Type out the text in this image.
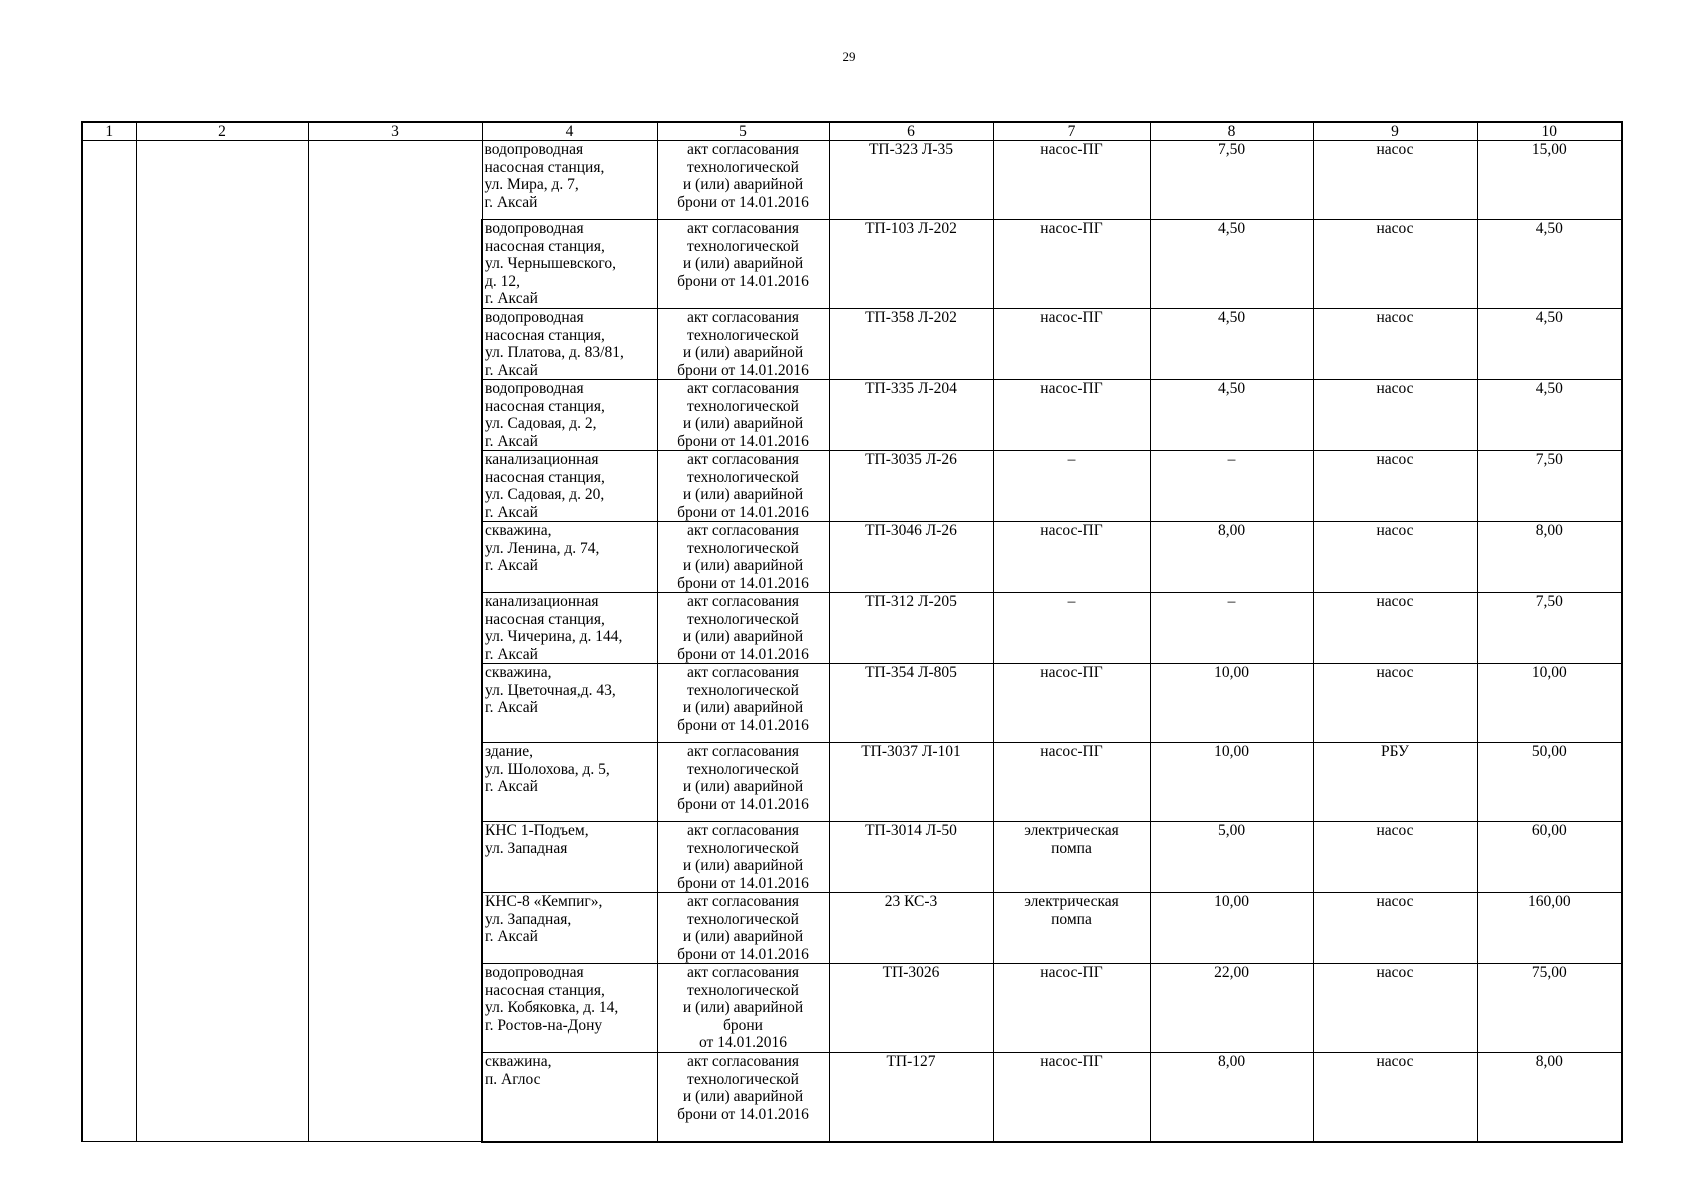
29
1	2	3	4	5	6	7	8	9	10
			водопроводная
насосная станция,
ул. Мира, д. 7,
г. Аксай	акт согласования
технологической
и (или) аварийной
брони от 14.01.2016	ТП-323 Л-35	насос-ПГ	7,50	насос	15,00
			водопроводная
насосная станция,
ул. Чернышевского,
д. 12,
г. Аксай	акт согласования
технологической
и (или) аварийной
брони от 14.01.2016	ТП-103 Л-202	насос-ПГ	4,50	насос	4,50
			водопроводная
насосная станция,
ул. Платова, д. 83/81,
г. Аксай	акт согласования
технологической
и (или) аварийной
брони от 14.01.2016	ТП-358 Л-202	насос-ПГ	4,50	насос	4,50
			водопроводная
насосная станция,
ул. Садовая, д. 2,
г. Аксай	акт согласования
технологической
и (или) аварийной
брони от 14.01.2016	ТП-335 Л-204	насос-ПГ	4,50	насос	4,50
			канализационная
насосная станция,
ул. Садовая, д. 20,
г. Аксай	акт согласования
технологической
и (или) аварийной
брони от 14.01.2016	ТП-3035 Л-26	–	–	насос	7,50
			скважина,
ул. Ленина, д. 74,
г. Аксай	акт согласования
технологической
и (или) аварийной
брони от 14.01.2016	ТП-3046 Л-26	насос-ПГ	8,00	насос	8,00
			канализационная
насосная станция,
ул. Чичерина, д. 144,
г. Аксай	акт согласования
технологической
и (или) аварийной
брони от 14.01.2016	ТП-312 Л-205	–	–	насос	7,50
			скважина,
ул. Цветочная,д. 43,
г. Аксай	акт согласования
технологической
и (или) аварийной
брони от 14.01.2016	ТП-354 Л-805	насос-ПГ	10,00	насос	10,00
			здание,
ул. Шолохова, д. 5,
г. Аксай	акт согласования
технологической
и (или) аварийной
брони от 14.01.2016	ТП-3037 Л-101	насос-ПГ	10,00	РБУ	50,00
			КНС 1-Подъем,
ул. Западная	акт согласования
технологической
и (или) аварийной
брони от 14.01.2016	ТП-3014 Л-50	электрическая
помпа	5,00	насос	60,00
			КНС-8 «Кемпиг»,
ул. Западная,
г. Аксай	акт согласования
технологической
и (или) аварийной
брони от 14.01.2016	23 КС-3	электрическая
помпа	10,00	насос	160,00
			водопроводная
насосная станция,
ул. Кобяковка, д. 14,
г. Ростов-на-Дону	акт согласования
технологической
и (или) аварийной
брони
от 14.01.2016	ТП-3026	насос-ПГ	22,00	насос	75,00
			скважина,
п. Аглос	акт согласования
технологической
и (или) аварийной
брони от 14.01.2016	ТП-127	насос-ПГ	8,00	насос	8,00
